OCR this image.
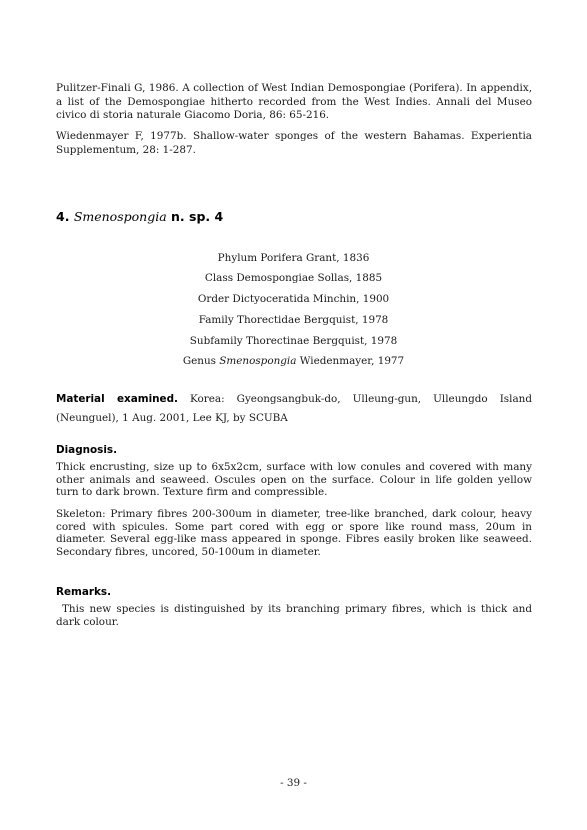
Pulitzer-Finali G, 1986. A collection of West Indian Demospongiae (Porifera). In appendix, a list of the Demospongiae hitherto recorded from the West Indies. Annali del Museo civico di storia naturale Giacomo Doria, 86: 65-216.

Wiedenmayer F, 1977b. Shallow-water sponges of the western Bahamas. Experientia Supplementum, 28: 1-287.

4. Smenospongia n. sp. 4
Phylum Porifera Grant, 1836
Class Demospongiae Sollas, 1885
Order Dictyoceratida Minchin, 1900
Family Thorectidae Bergquist, 1978
Subfamily Thorectinae Bergquist, 1978
Genus Smenospongia Wiedenmayer, 1977

Material examined. Korea: Gyeongsangbuk-do, Ulleung-gun, Ulleungdo Island (Neunguel), 1 Aug. 2001, Lee KJ, by SCUBA

Diagnosis.

Thick encrusting, size up to 6x5x2cm, surface with low conules and covered with many other animals and seaweed. Oscules open on the surface. Colour in life golden yellow turn to dark brown. Texture firm and compressible.

Skeleton: Primary fibres 200-300um in diameter, tree-like branched, dark colour, heavy cored with spicules. Some part cored with egg or spore like round mass, 20um in diameter. Several egg-like mass appeared in sponge. Fibres easily broken like seaweed. Secondary fibres, uncored, 50-100um in diameter.

Remarks.

This new species is distinguished by its branching primary fibres, which is thick and dark colour.

- 39 -
